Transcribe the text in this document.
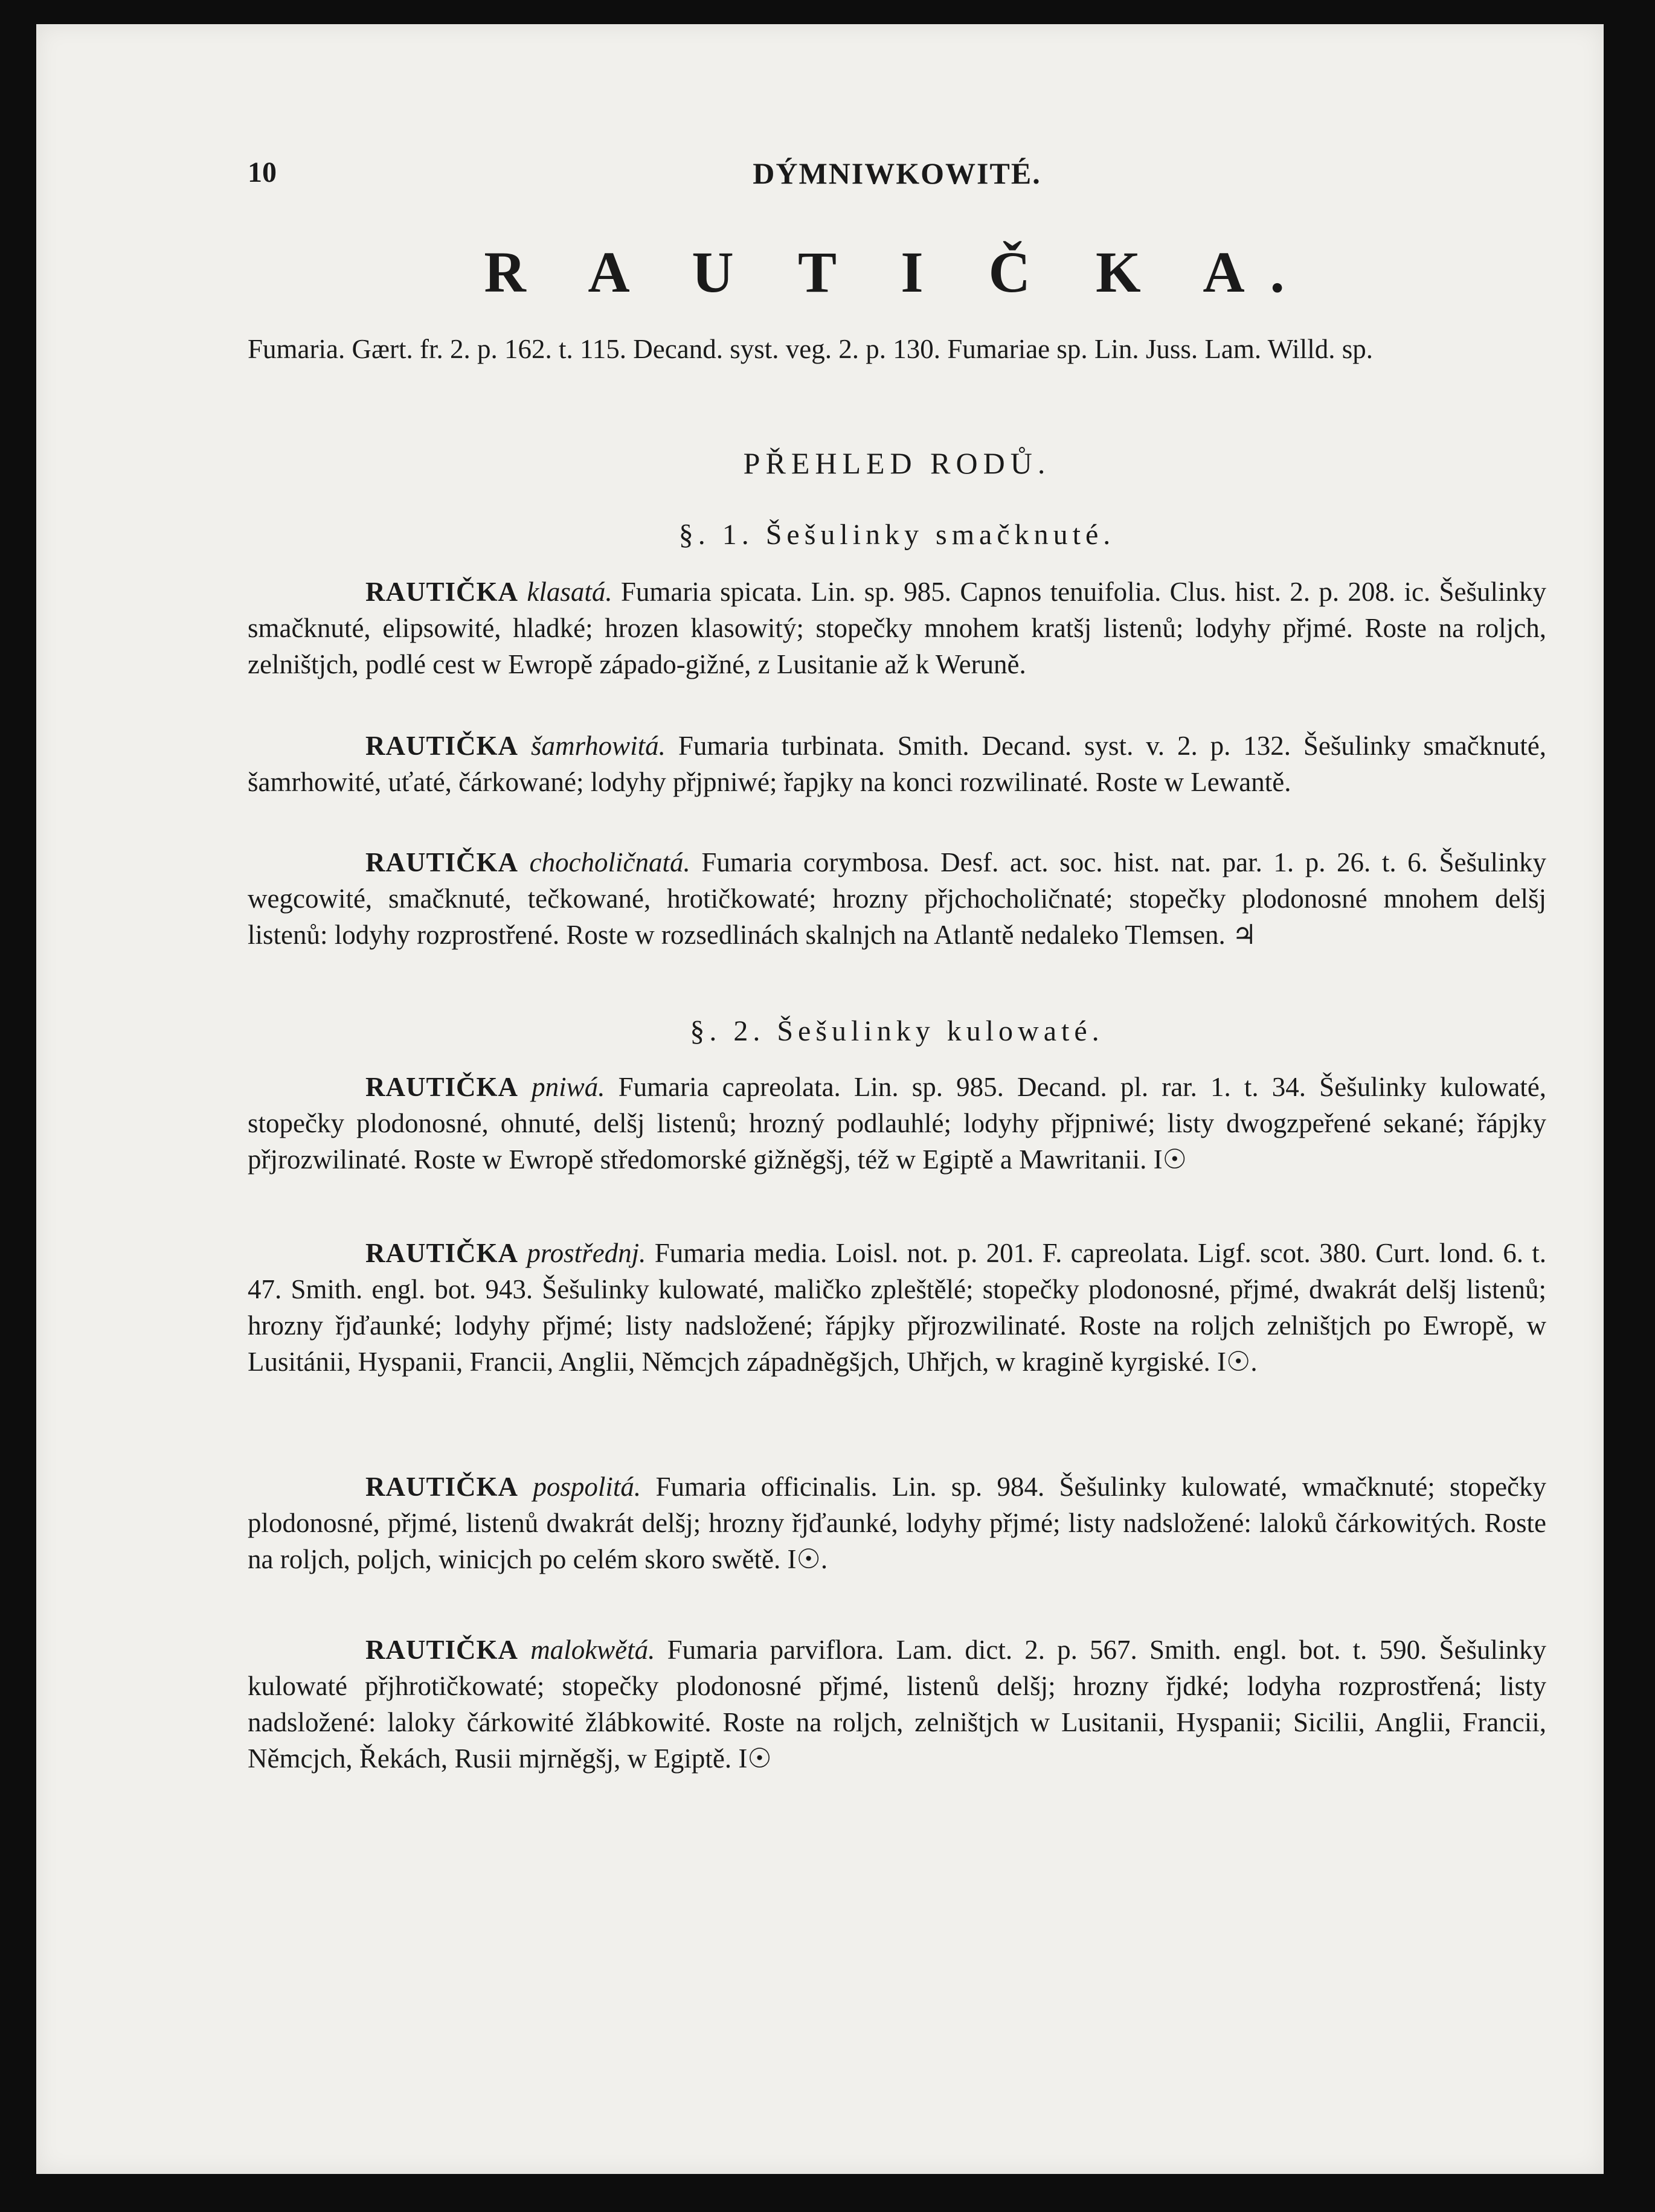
10	DÝMNIWKOWITÉ.
R A U T I Č K A.
Fumaria. Gært. fr. 2. p. 162. t. 115. Decand. syst. veg. 2. p. 130. Fumariae sp. Lin. Juss. Lam. Willd. sp.
PŘEHLED RODŮ.
§. 1. Šešulinky smačknuté.
RAUTIČKA klasatá. Fumaria spicata. Lin. sp. 985. Capnos tenuifolia. Clus. hist. 2. p. 208. ic. Šešulinky smačknuté, elipsowité, hladké; hrozen klasowitý; stopečky mnohem kratšj listenů; lodyhy přjmé. Roste na roljch, zelništjch, podlé cest w Ewropě západo-gižné, z Lusitanie až k Weruně.
RAUTIČKA šamrhowitá. Fumaria turbinata. Smith. Decand. syst. v. 2. p. 132. Šešulinky smačknuté, šamrhowité, uťaté, čárkowané; lodyhy přjpniwé; řapjky na konci rozwilinaté. Roste w Lewantě.
RAUTIČKA chocholičnatá. Fumaria corymbosa. Desf. act. soc. hist. nat. par. 1. p. 26. t. 6. Šešulinky wegcowité, smačknuté, tečkowané, hrotičkowaté; hrozny přjchocholičnaté; stopečky plodonosné mnohem delšj listenů: lodyhy rozprostřené. Roste w rozsedlinách skalnjch na Atlantě nedaleko Tlemsen. ♃
§. 2. Šešulinky kulowaté.
RAUTIČKA pniwá. Fumaria capreolata. Lin. sp. 985. Decand. pl. rar. 1. t. 34. Šešulinky kulowaté, stopečky plodonosné, ohnuté, delšj listenů; hrozný podlauhlé; lodyhy přjpniwé; listy dwogzpeřené sekané; řápjky přjrozwilinaté. Roste w Ewropě středomorské gižněgšj, též w Egiptě a Mawritanii. I☉
RAUTIČKA prostřednj. Fumaria media. Loisl. not. p. 201. F. capreolata. Ligf. scot. 380. Curt. lond. 6. t. 47. Smith. engl. bot. 943. Šešulinky kulowaté, maličko zpleštělé; stopečky plodonosné, přjmé, dwakrát delšj listenů; hrozny řjďaunké; lodyhy přjmé; listy nadsložené; řápjky přjrozwilinaté. Roste na roljch zelništjch po Ewropě, w Lusitánii, Hyspanii, Francii, Anglii, Němcjch západněgšjch, Uhřjch, w kragině kyrgiské. I☉.
RAUTIČKA pospolitá. Fumaria officinalis. Lin. sp. 984. Šešulinky kulowaté, wmačknuté; stopečky plodonosné, přjmé, listenů dwakrát delšj; hrozny řjďaunké, lodyhy přjmé; listy nadsložené: laloků čárkowitých. Roste na roljch, poljch, winicjch po celém skoro swětě. I☉.
RAUTIČKA malokwětá. Fumaria parviflora. Lam. dict. 2. p. 567. Smith. engl. bot. t. 590. Šešulinky kulowaté přjhrotičkowaté; stopečky plodonosné přjmé, listenů delšj; hrozny řjdké; lodyha rozprostřená; listy nadsložené: laloky čárkowité žlábkowité. Roste na roljch, zelništjch w Lusitanii, Hyspanii; Sicilii, Anglii, Francii, Němcjch, Řekách, Rusii mjrněgšj, w Egiptě. I☉
